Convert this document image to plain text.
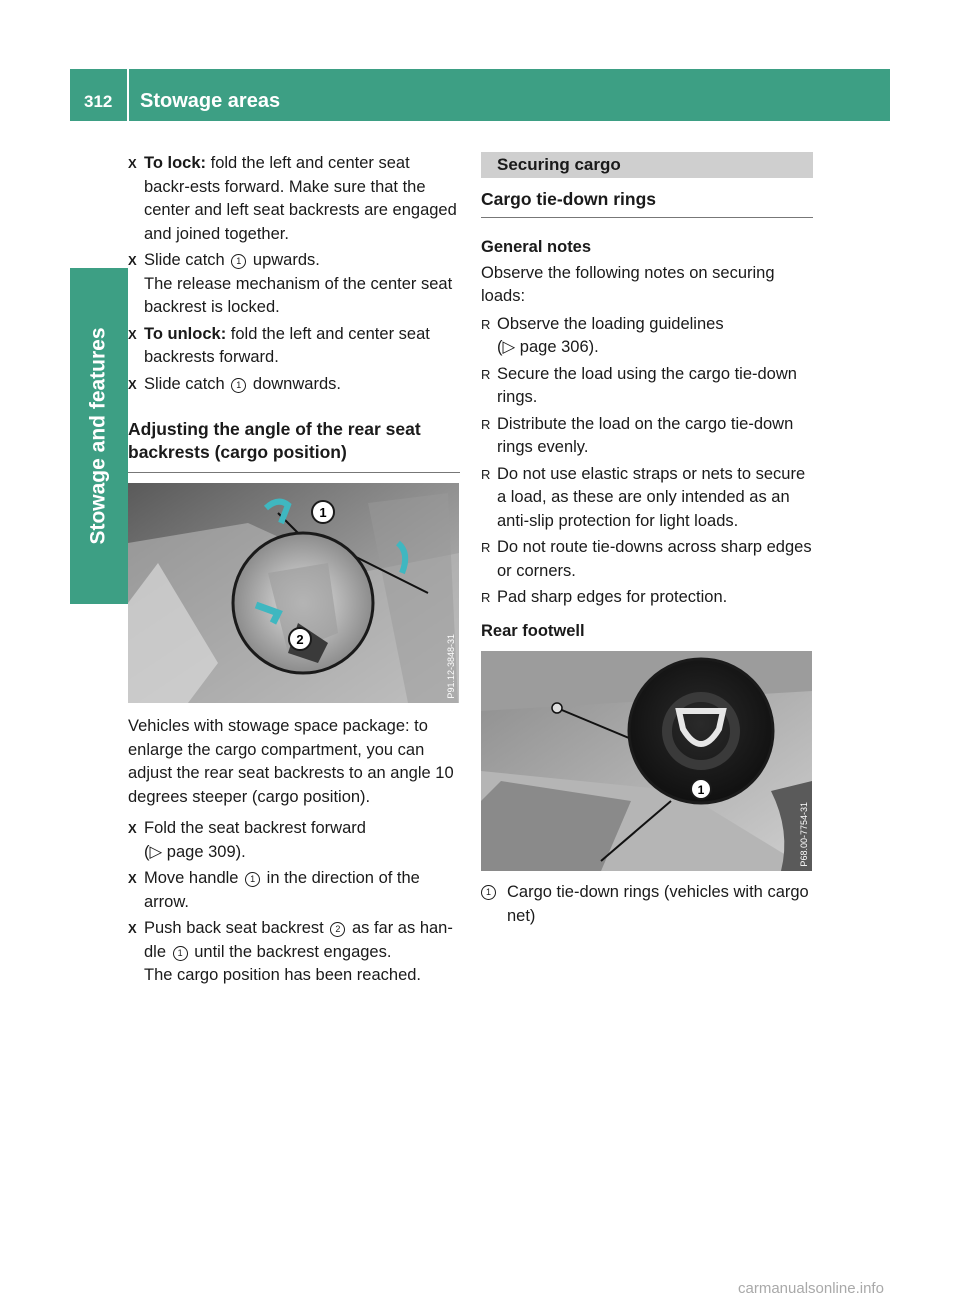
312 Stowage areas
Stowage and features
X To lock: fold the left and center seat backr-ests forward. Make sure that the center and left seat backrests are engaged and joined together.
X Slide catch 1 upwards.
The release mechanism of the center seat backrest is locked.
X To unlock: fold the left and center seat backrests forward.
X Slide catch 1 downwards.
Adjusting the angle of the rear seat backrests (cargo position)
1
2	P91.12-3848-31

Vehicles with stowage space package: to enlarge the cargo compartment, you can adjust the rear seat backrests to an angle 10 degrees steeper (cargo position).

X Fold the seat backrest forward
(▷ page 309).
X Move handle 1 in the direction of the arrow.
X Push back seat backrest 2 as far as han-dle 1 until the backrest engages.
The cargo position has been reached.
Securing cargo
Cargo tie-down rings
General notes

Observe the following notes on securing loads:

R Observe the loading guidelines
(▷ page 306).
R Secure the load using the cargo tie-down rings.
R Distribute the load on the cargo tie-down rings evenly.
R Do not use elastic straps or nets to secure a load, as these are only intended as an anti-slip protection for light loads.
R Do not route tie-downs across sharp edges or corners.
R Pad sharp edges for protection.
Rear footwell
1
P68.00-7754-31
1 Cargo tie-down rings (vehicles with cargo net)
carmanualsonline.info
